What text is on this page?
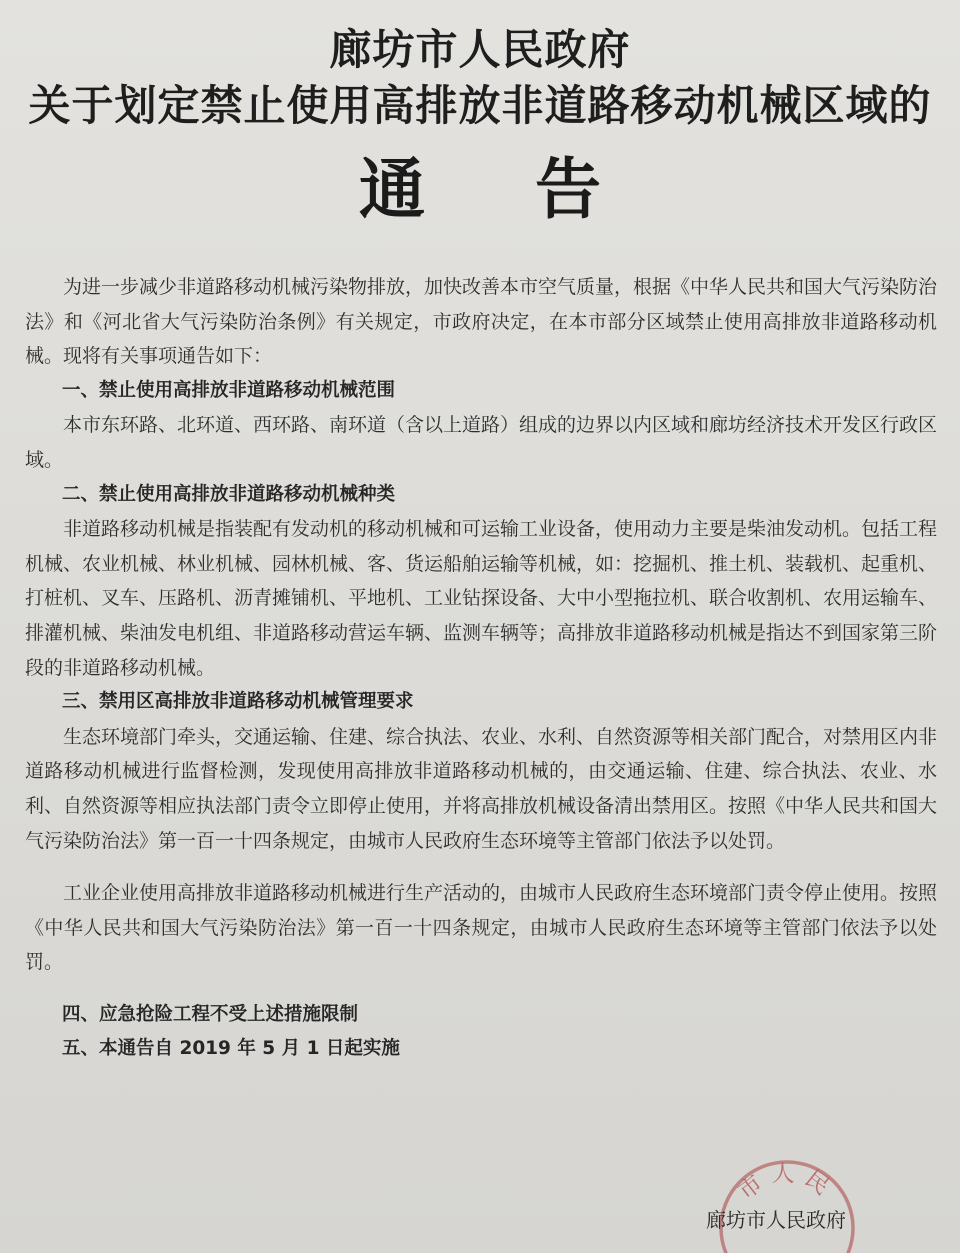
廊坊市人民政府
关于划定禁止使用高排放非道路移动机械区域的
通告

为进一步减少非道路移动机械污染物排放，加快改善本市空气质量，根据《中华人民共和国大气污染防治法》和《河北省大气污染防治条例》有关规定，市政府决定，在本市部分区域禁止使用高排放非道路移动机械。现将有关事项通告如下：

一、禁止使用高排放非道路移动机械范围

本市东环路、北环道、西环路、南环道（含以上道路）组成的边界以内区域和廊坊经济技术开发区行政区域。

二、禁止使用高排放非道路移动机械种类

非道路移动机械是指装配有发动机的移动机械和可运输工业设备，使用动力主要是柴油发动机。包括工程机械、农业机械、林业机械、园林机械、客、货运船舶运输等机械，如：挖掘机、推土机、装载机、起重机、打桩机、叉车、压路机、沥青摊铺机、平地机、工业钻探设备、大中小型拖拉机、联合收割机、农用运输车、排灌机械、柴油发电机组、非道路移动营运车辆、监测车辆等；高排放非道路移动机械是指达不到国家第三阶段的非道路移动机械。

三、禁用区高排放非道路移动机械管理要求

生态环境部门牵头，交通运输、住建、综合执法、农业、水利、自然资源等相关部门配合，对禁用区内非道路移动机械进行监督检测，发现使用高排放非道路移动机械的，由交通运输、住建、综合执法、农业、水利、自然资源等相应执法部门责令立即停止使用，并将高排放机械设备清出禁用区。按照《中华人民共和国大气污染防治法》第一百一十四条规定，由城市人民政府生态环境等主管部门依法予以处罚。

工业企业使用高排放非道路移动机械进行生产活动的，由城市人民政府生态环境部门责令停止使用。按照《中华人民共和国大气污染防治法》第一百一十四条规定，由城市人民政府生态环境等主管部门依法予以处罚。

四、应急抢险工程不受上述措施限制

五、本通告自 2019 年 5 月 1 日起实施

市人民
廊坊市人民政府
